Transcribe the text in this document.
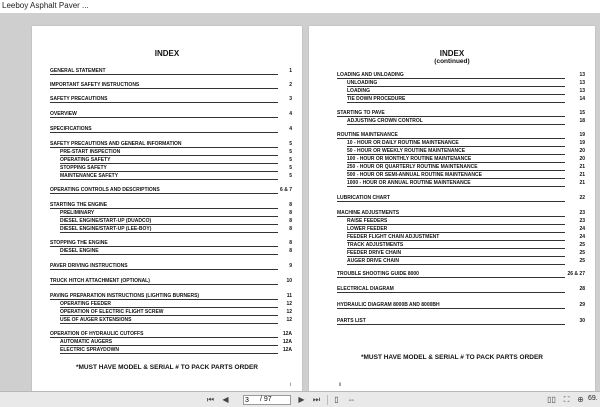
Leeboy Asphalt Paver ...
INDEX
GENERAL STATEMENT	1
IMPORTANT SAFETY INSTRUCTIONS	2
SAFETY PRECAUTIONS	3
OVERVIEW	4
SPECIFICATIONS	4
SAFETY PRECAUTIONS AND GENERAL INFORMATION	5
PRE-START INSPECTION	5
OPERATING SAFETY	5
STOPPING SAFETY	5
MAINTENANCE SAFETY	5
OPERATING CONTROLS AND DESCRIPTIONS	6 & 7
STARTING THE ENGINE	8
PRELIMINARY	8
DIESEL ENGINE/START-UP (DUADCO)	8
DIESEL ENGINE/START-UP (LEE-BOY)	8
STOPPING THE ENGINE	8
DIESEL ENGINE	8
PAVER DRIVING INSTRUCTIONS	9
TRUCK HITCH ATTACHMENT (OPTIONAL)	10
PAVING PREPARATION INSTRUCTIONS (LIGHTING BURNERS)	11
OPERATING FEEDER	12
OPERATION OF ELECTRIC FLIGHT SCREW	12
USE OF AUGER EXTENSIONS	12
OPERATION OF HYDRAULIC CUTOFFS	12A
AUTOMATIC AUGERS	12A
ELECTRIC SPRAYDOWN	12A
*MUST HAVE MODEL & SERIAL # TO PACK PARTS ORDER
i
INDEX
(continued)
LOADING AND UNLOADING	13
UNLOADING	13
LOADING	13
TIE DOWN PROCEDURE	14
STARTING TO PAVE	15
ADJUSTING CROWN CONTROL	18
ROUTINE MAINTENANCE	19
10 - HOUR OR DAILY ROUTINE MAINTENANCE	19
50 - HOUR OR WEEKLY ROUTINE MAINTENANCE	20
100 - HOUR OR MONTHLY ROUTINE MAINTENANCE	20
250 - HOUR OR QUARTERLY ROUTINE MAINTENANCE	21
500 - HOUR OR SEMI-ANNUAL ROUTINE MAINTENANCE	21
1000 - HOUR OR ANNUAL ROUTINE MAINTENANCE	21
LUBRICATION CHART	22
MACHINE ADJUSTMENTS	23
RAISE FEEDERS	23
LOWER FEEDER	24
FEEDER FLIGHT CHAIN ADJUSTMENT	24
TRACK ADJUSTMENTS	25
FEEDER DRIVE CHAIN	25
AUGER DRIVE CHAIN	25
TROUBLE SHOOTING GUIDE 8000	26 & 27
ELECTRICAL DIAGRAM	28
HYDRAULIC DIAGRAM 8000B AND 8000BH	29
PARTS LIST	30
*MUST HAVE MODEL & SERIAL # TO PACK PARTS ORDER
ii
⏮	◀
3	/ 97	▶	⏭	▯	⇔	▯▯ ⛶ ⊕ 69.
